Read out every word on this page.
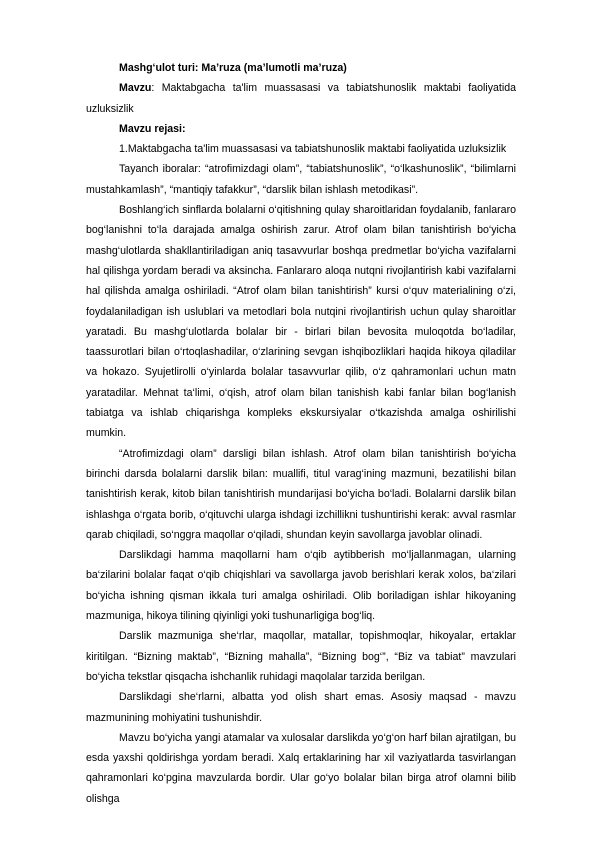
Mashg‘ulot turi: Ma’ruza (ma’lumotli ma’ruza)

Mavzu: Maktabgacha ta'lim muassasasi va tabiatshunoslik maktabi faoliyatida uzluksizlik

Mavzu rejasi:

1.Maktabgacha ta'lim muassasasi va tabiatshunoslik maktabi faoliyatida uzluksizlik

Tayanch iboralar: “atrofimizdagi olam”, “tabiatshunoslik”, “o‘lkashunoslik”, “bilimlarni mustahkamlash”, “mantiqiy tafakkur”, “darslik bilan ishlash metodikasi”.

Boshlang‘ich sinflarda bolalarni o‘qitishning qulay sharoitlaridan foydalanib, fanlararo bog‘lanishni to‘la darajada amalga oshirish zarur. Atrof olam bilan tanishtirish bo‘yicha mashg‘ulotlarda shakllantiriladigan aniq tasavvurlar boshqa predmetlar bo‘yicha vazifalarni hal qilishga yordam beradi va aksincha. Fanlararo aloqa nutqni rivojlantirish kabi vazifalarni hal qilishda amalga oshiriladi. “Atrof olam bilan tanishtirish” kursi o‘quv materialining o‘zi, foydalaniladigan ish uslublari va metodlari bola nutqini rivojlantirish uchun qulay sharoitlar yaratadi. Bu mashg‘ulotlarda bolalar bir - birlari bilan bevosita muloqotda bo‘ladilar, taassurotlari bilan o‘rtoqlashadilar, o‘zlarining sevgan ishqibozliklari haqida hikoya qiladilar va hokazo. Syujetlirolli o‘yinlarda bolalar tasavvurlar qilib, o‘z qahramonlari uchun matn yaratadilar. Mehnat ta‘limi, o‘qish, atrof olam bilan tanishish kabi fanlar bilan bog‘lanish tabiatga va ishlab chiqarishga kompleks ekskursiyalar o‘tkazishda amalga oshirilishi mumkin.

“Atrofimizdagi olam” darsligi bilan ishlash. Atrof olam bilan tanishtirish bo‘yicha birinchi darsda bolalarni darslik bilan: muallifi, titul varag‘ining mazmuni, bezatilishi bilan tanishtirish kerak, kitob bilan tanishtirish mundarijasi bo‘yicha bo‘ladi. Bolalarni darslik bilan ishlashga o‘rgata borib, o‘qituvchi ularga ishdagi izchillikni tushuntirishi kerak: avval rasmlar qarab chiqiladi, so‘nggra maqollar o‘qiladi, shundan keyin savollarga javoblar olinadi.

Darslikdagi hamma maqollarni ham o‘qib aytibberish mo‘ljallanmagan, ularning ba‘zilarini bolalar faqat o‘qib chiqishlari va savollarga javob berishlari kerak xolos, ba‘zilari bo‘yicha ishning qisman ikkala turi amalga oshiriladi. Olib boriladigan ishlar hikoyaning mazmuniga, hikoya tilining qiyinligi yoki tushunarligiga bog‘liq.

Darslik mazmuniga she‘rlar, maqollar, matallar, topishmoqlar, hikoyalar, ertaklar kiritilgan. “Bizning maktab”, “Bizning mahalla”, “Bizning bog‘”, “Biz va tabiat” mavzulari bo‘yicha tekstlar qisqacha ishchanlik ruhidagi maqolalar tarzida berilgan.

Darslikdagi she‘rlarni, albatta yod olish shart emas. Asosiy maqsad - mavzu mazmunining mohiyatini tushunishdir.

Mavzu bo‘yicha yangi atamalar va xulosalar darslikda yo‘g‘on harf bilan ajratilgan, bu esda yaxshi qoldirishga yordam beradi. Xalq ertaklarining har xil vaziyatlarda tasvirlangan qahramonlari ko‘pgina mavzularda bordir. Ular go‘yo bolalar bilan birga atrof olamni bilib olishga
